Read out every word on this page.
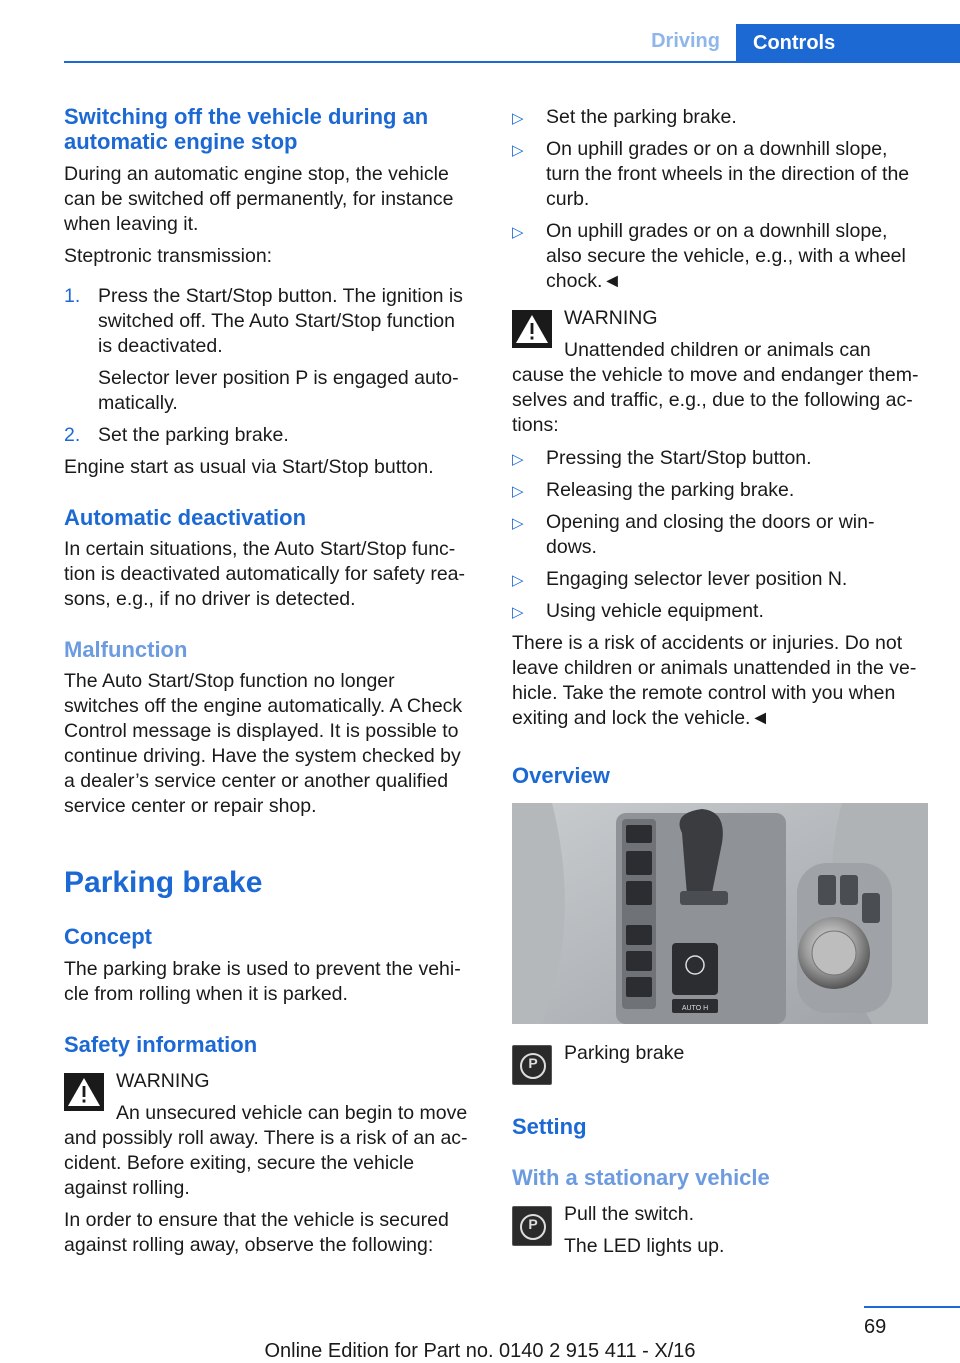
Driving	Controls
Switching off the vehicle during an automatic engine stop
During an automatic engine stop, the vehicle
can be switched off permanently, for instance
when leaving it.
Steptronic transmission:
1. Press the Start/Stop button. The ignition is
switched off. The Auto Start/Stop function
is deactivated.
Selector lever position P is engaged auto-
matically.
2. Set the parking brake.
Engine start as usual via Start/Stop button.
Automatic deactivation
In certain situations, the Auto Start/Stop func-
tion is deactivated automatically for safety rea-
sons, e.g., if no driver is detected.
Malfunction
The Auto Start/Stop function no longer
switches off the engine automatically. A Check
Control message is displayed. It is possible to
continue driving. Have the system checked by
a dealer’s service center or another qualified
service center or repair shop.
Parking brake
Concept
The parking brake is used to prevent the vehi-
cle from rolling when it is parked.
Safety information
WARNING
An unsecured vehicle can begin to move
and possibly roll away. There is a risk of an ac-
cident. Before exiting, secure the vehicle
against rolling.
In order to ensure that the vehicle is secured
against rolling away, observe the following:
▷ Set the parking brake.
▷ On uphill grades or on a downhill slope,
turn the front wheels in the direction of the
curb.
▷ On uphill grades or on a downhill slope,
also secure the vehicle, e.g., with a wheel
chock.◄
WARNING
Unattended children or animals can
cause the vehicle to move and endanger them-
selves and traffic, e.g., due to the following ac-
tions:
▷ Pressing the Start/Stop button.
▷ Releasing the parking brake.
▷ Opening and closing the doors or win-
dows.
▷ Engaging selector lever position N.
▷ Using vehicle equipment.
There is a risk of accidents or injuries. Do not
leave children or animals unattended in the ve-
hicle. Take the remote control with you when
exiting and lock the vehicle.◄
Overview
AUTO H
P	Parking brake
Setting
With a stationary vehicle
P	Pull the switch.
The LED lights up.
69
Online Edition for Part no. 0140 2 915 411 - X/16
